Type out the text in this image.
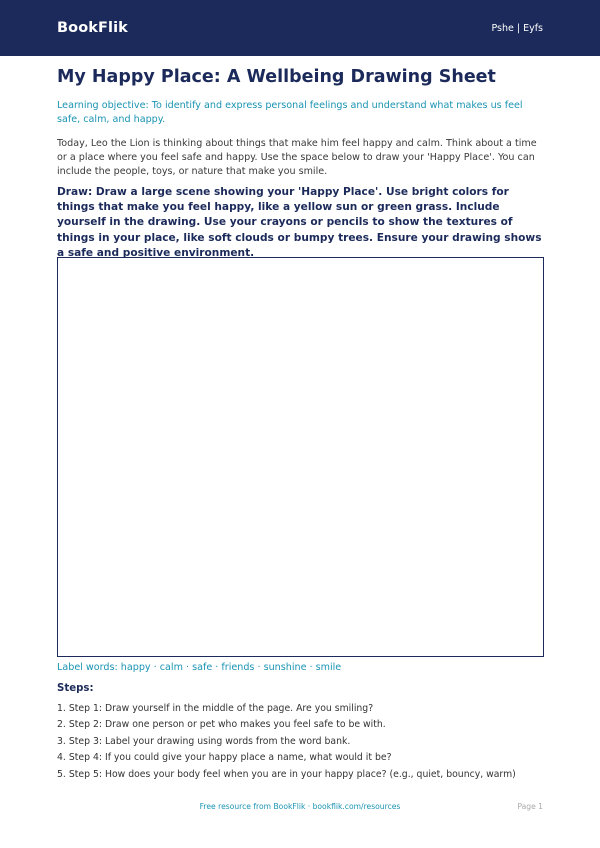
BookFlik	Pshe | Eyfs
My Happy Place: A Wellbeing Drawing Sheet

Learning objective: To identify and express personal feelings and understand what makes us feel safe, calm, and happy.

Today, Leo the Lion is thinking about things that make him feel happy and calm. Think about a time or a place where you feel safe and happy. Use the space below to draw your 'Happy Place'. You can include the people, toys, or nature that make you smile.

Draw: Draw a large scene showing your 'Happy Place'. Use bright colors for things that make you feel happy, like a yellow sun or green grass. Include yourself in the drawing. Use your crayons or pencils to show the textures of things in your place, like soft clouds or bumpy trees. Ensure your drawing shows a safe and positive environment.

Label words: happy · calm · safe · friends · sunshine · smile

Steps:
1. Step 1: Draw yourself in the middle of the page. Are you smiling?
2. Step 2: Draw one person or pet who makes you feel safe to be with.
3. Step 3: Label your drawing using words from the word bank.
4. Step 4: If you could give your happy place a name, what would it be?
5. Step 5: How does your body feel when you are in your happy place? (e.g., quiet, bouncy, warm)
Free resource from BookFlik · bookflik.com/resources	Page 1
